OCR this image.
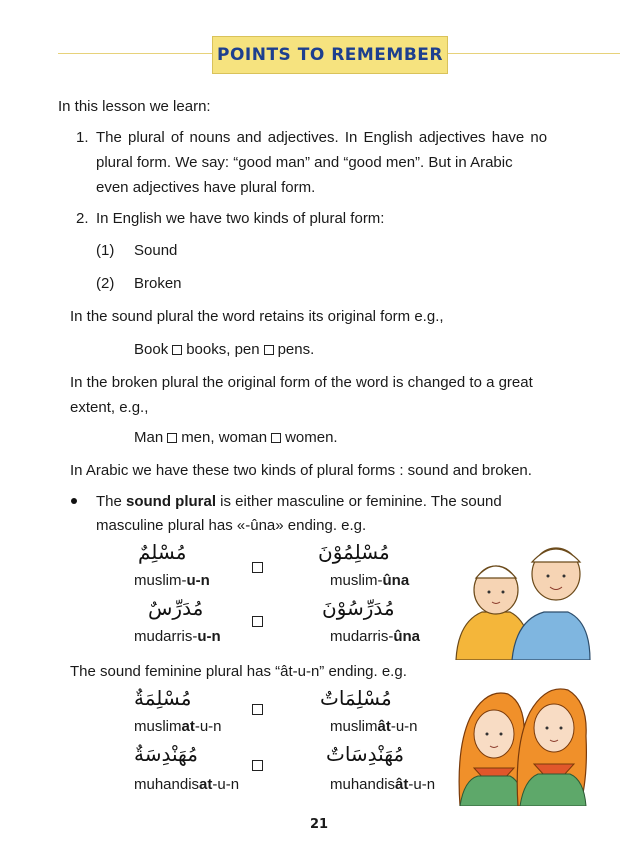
POINTS TO REMEMBER
In this lesson we learn:
1. The plural of nouns and adjectives. In English adjectives have no
plural form. We say: “good man” and “good men”. But in Arabic
even adjectives have plural form.
2. In English we have two kinds of plural form:
(1) Sound
(2) Broken
In the sound plural the word retains its original form e.g.,
Book books, pen pens.
In the broken plural the original form of the word is changed to a great
extent, e.g.,
Man men, woman women.
In Arabic we have these two kinds of plural forms : sound and broken.
The sound plural is either masculine or feminine. The sound
masculine plural has «-ûna» ending. e.g.
مُسْلِمٌ	مُسْلِمُوْنَ
muslim-u-n	muslim-ûna
مُدَرِّسٌ	مُدَرِّسُوْنَ
mudarris-u-n	mudarris-ûna
The sound feminine plural has “ât-u-n” ending. e.g.
مُسْلِمَةٌ	مُسْلِمَاتٌ
muslimat-u-n	muslimât-u-n
مُهَنْدِسَةٌ	مُهَنْدِسَاتٌ
muhandisat-u-n	muhandisât-u-n
21
